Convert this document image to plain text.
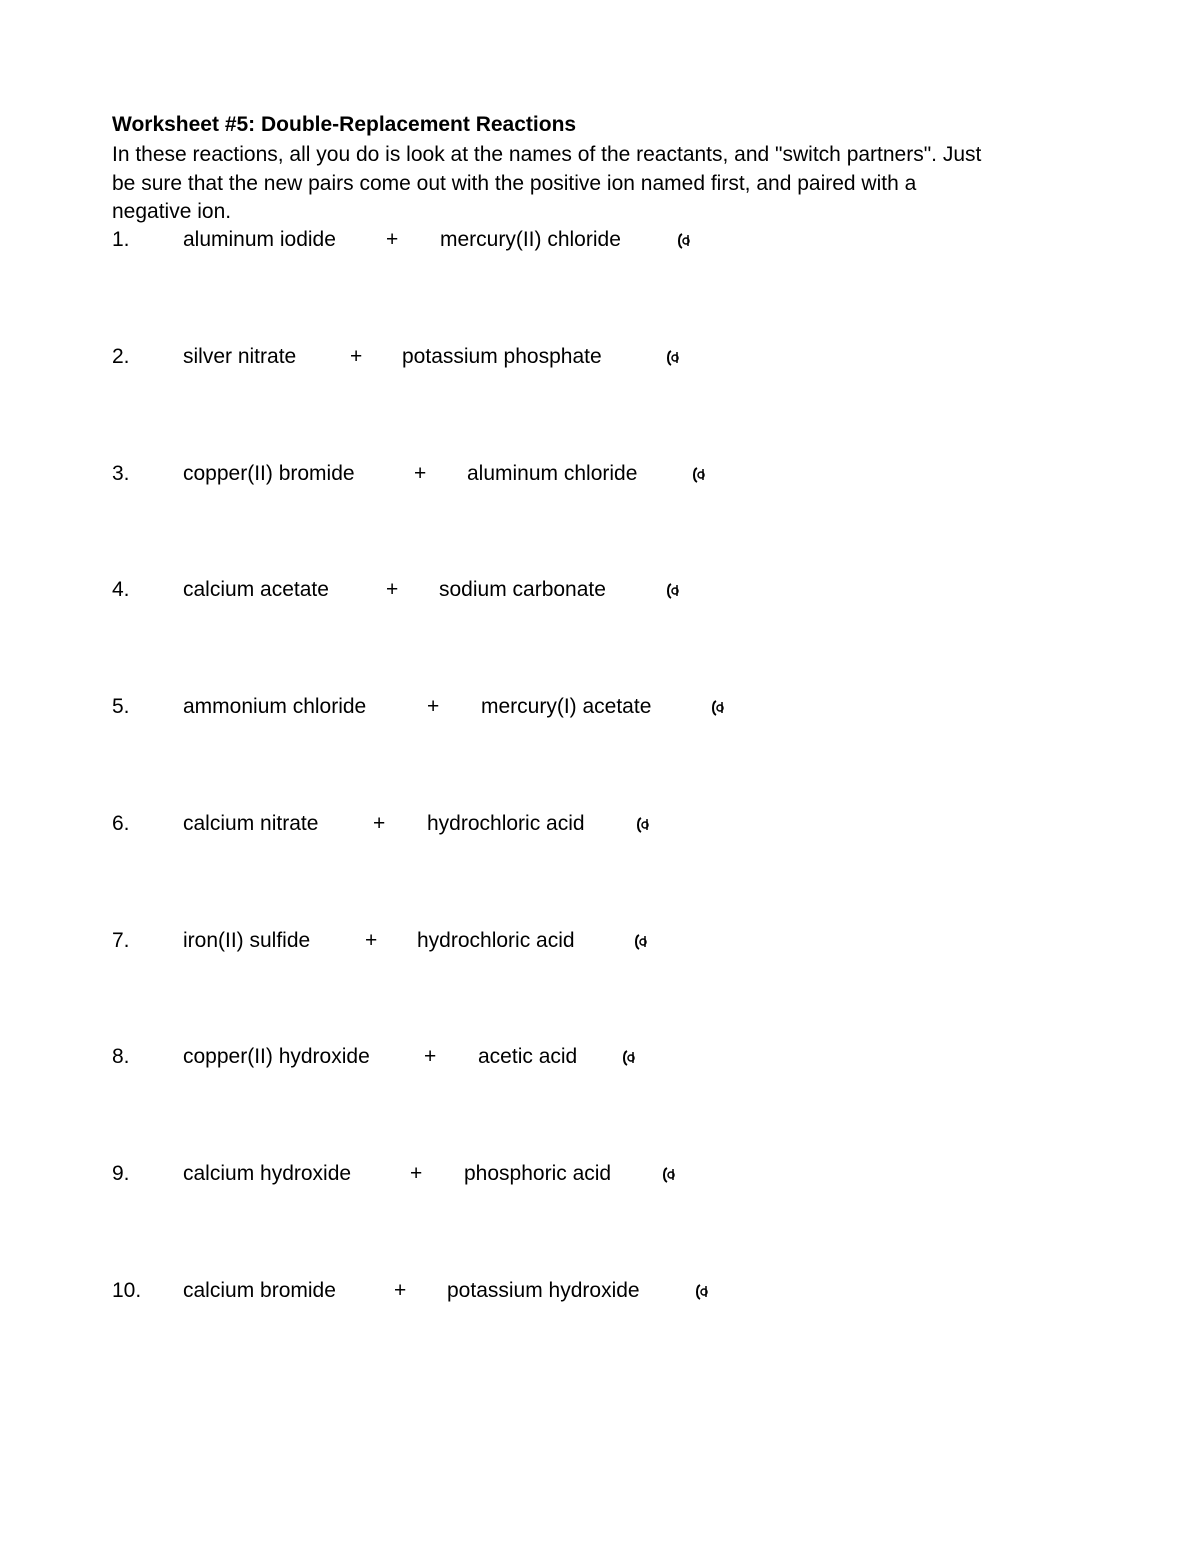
Worksheet #5: Double-Replacement Reactions
In these reactions, all you do is look at the names of the reactants, and "switch partners". Just
be sure that the new pairs come out with the positive ion named first, and paired with a
negative ion.
1.	aluminum iodide + mercury(II) chloride
2.	silver nitrate	+ potassium phosphate
3.	copper(II) bromide	+ aluminum chloride
4.	calcium acetate	+ sodium carbonate
5.	ammonium chloride	+ mercury(I) acetate
6.	calcium nitrate	+ hydrochloric acid
7.	iron(II) sulfide	+ hydrochloric acid
8.	copper(II) hydroxide	+ acetic acid
9.	calcium hydroxide	+ phosphoric acid
10. calcium bromide	+ potassium hydroxide
